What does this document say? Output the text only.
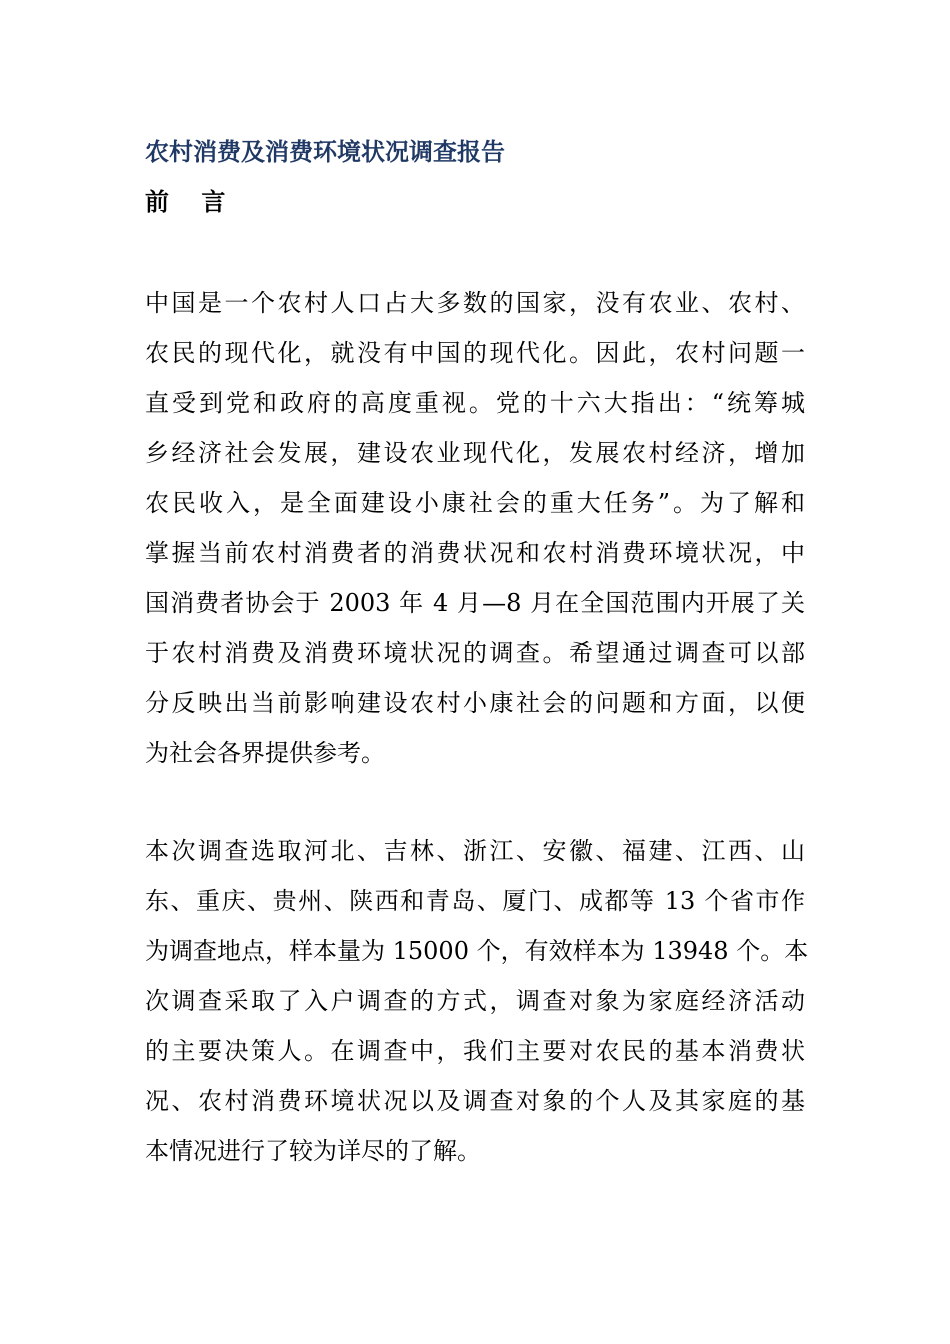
农村消费及消费环境状况调查报告
前 言
中国是一个农村人口占大多数的国家，没有农业、农村、
农民的现代化，就没有中国的现代化。因此，农村问题一
直受到党和政府的高度重视。党的十六大指出：“统筹城
乡经济社会发展，建设农业现代化，发展农村经济，增加
农民收入，是全面建设小康社会的重大任务”。为了解和
掌握当前农村消费者的消费状况和农村消费环境状况，中
国消费者协会于 2003 年 4 月—8 月在全国范围内开展了关
于农村消费及消费环境状况的调查。希望通过调查可以部
分反映出当前影响建设农村小康社会的问题和方面，以便
为社会各界提供参考。
本次调查选取河北、吉林、浙江、安徽、福建、江西、山
东、重庆、贵州、陕西和青岛、厦门、成都等 13 个省市作
为调查地点，样本量为 15000 个，有效样本为 13948 个。本
次调查采取了入户调查的方式，调查对象为家庭经济活动
的主要决策人。在调查中，我们主要对农民的基本消费状
况、农村消费环境状况以及调查对象的个人及其家庭的基
本情况进行了较为详尽的了解。
